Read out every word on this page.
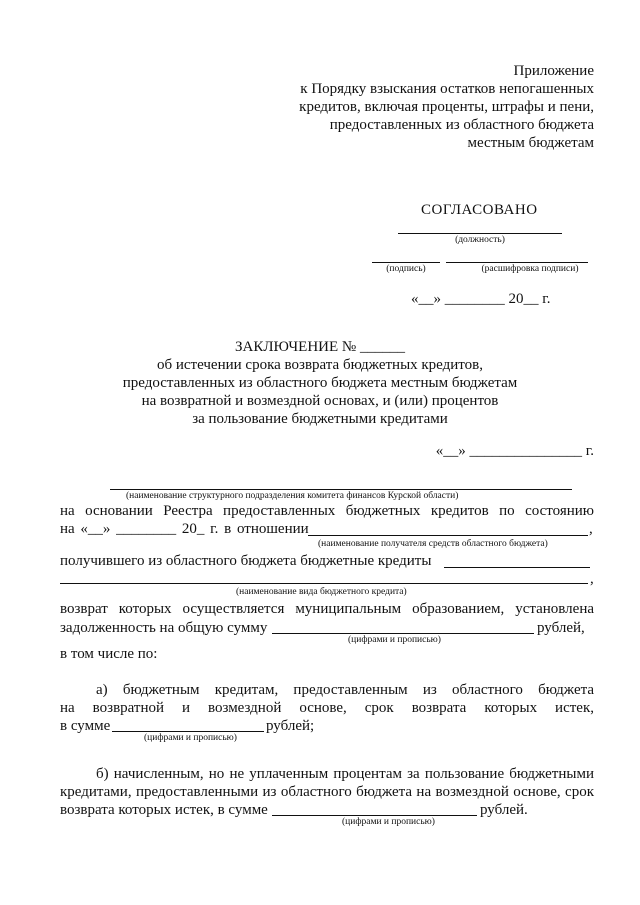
Приложение
к Порядку взыскания остатков непогашенных
кредитов, включая проценты, штрафы и пени,
предоставленных из областного бюджета
местным бюджетам
СОГЛАСОВАНО
(должность)
(подпись)	(расшифровка подписи)
«__» ________ 20__ г.
ЗАКЛЮЧЕНИЕ № ______
об истечении срока возврата бюджетных кредитов,
предоставленных из областного бюджета местным бюджетам
на возвратной и возмездной основах, и (или) процентов
за пользование бюджетными кредитами
«__» _______________ г.
(наименование структурного подразделения комитета финансов Курской области)
на основании Реестра предоставленных бюджетных кредитов по состоянию
на «__» ________ 20_ г. в отношении	,
(наименование получателя средств областного бюджета)
получившего из областного бюджета бюджетные кредиты
,
(наименование вида бюджетного кредита)
возврат которых осуществляется муниципальным образованием, установлена
задолженность на общую сумму	рублей,
(цифрами и прописью)
в том числе по:
а) бюджетным кредитам, предоставленным из областного бюджета
на возвратной и возмездной основе, срок возврата которых истек,
в сумме	рублей;
(цифрами и прописью)
б) начисленным, но не уплаченным процентам за пользование бюджетными
кредитами, предоставленными из областного бюджета на возмездной основе, срок
возврата которых истек, в сумме	рублей.
(цифрами и прописью)
